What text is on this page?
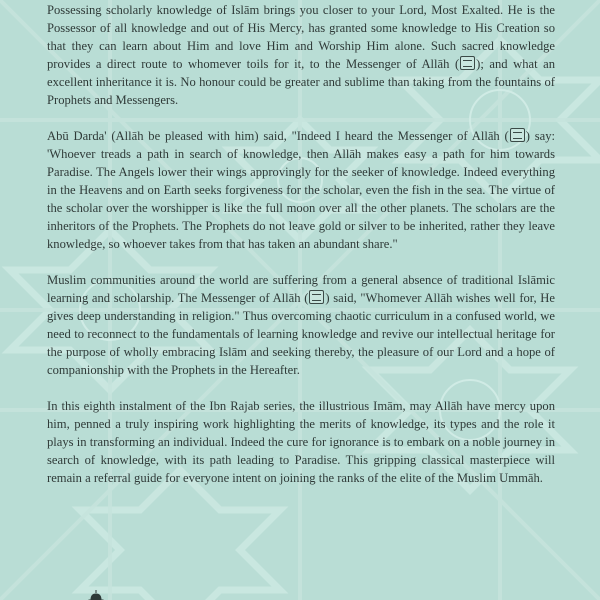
Possessing scholarly knowledge of Islām brings you closer to your Lord, Most Exalted. He is the Possessor of all knowledge and out of His Mercy, has granted some knowledge to His Creation so that they can learn about Him and love Him and Worship Him alone. Such sacred knowledge provides a direct route to whomever toils for it, to the Messenger of Allāh ( ); and what an excellent inheritance it is. No honour could be greater and sublime than taking from the fountains of Prophets and Messengers.

Abū Darda' (Allāh be pleased with him) said, "Indeed I heard the Messenger of Allāh ( ) say: 'Whoever treads a path in search of knowledge, then Allāh makes easy a path for him towards Paradise. The Angels lower their wings approvingly for the seeker of knowledge. Indeed everything in the Heavens and on Earth seeks forgiveness for the scholar, even the fish in the sea. The virtue of the scholar over the worshipper is like the full moon over all the other planets. The scholars are the inheritors of the Prophets. The Prophets do not leave gold or silver to be inherited, rather they leave knowledge, so whoever takes from that has taken an abundant share."

Muslim communities around the world are suffering from a general absence of traditional Islāmic learning and scholarship. The Messenger of Allāh ( ) said, "Whomever Allāh wishes well for, He gives deep understanding in religion." Thus overcoming chaotic curriculum in a confused world, we need to reconnect to the fundamentals of learning knowledge and revive our intellectual heritage for the purpose of wholly embracing Islām and seeking thereby, the pleasure of our Lord and a hope of companionship with the Prophets in the Hereafter.

In this eighth instalment of the Ibn Rajab series, the illustrious Imām, may Allāh have mercy upon him, penned a truly inspiring work highlighting the merits of knowledge, its types and the role it plays in transforming an individual. Indeed the cure for ignorance is to embark on a noble journey in search of knowledge, with its path leading to Paradise. This gripping classical masterpiece will remain a referral guide for everyone intent on joining the ranks of the elite of the Muslim Ummāh.
